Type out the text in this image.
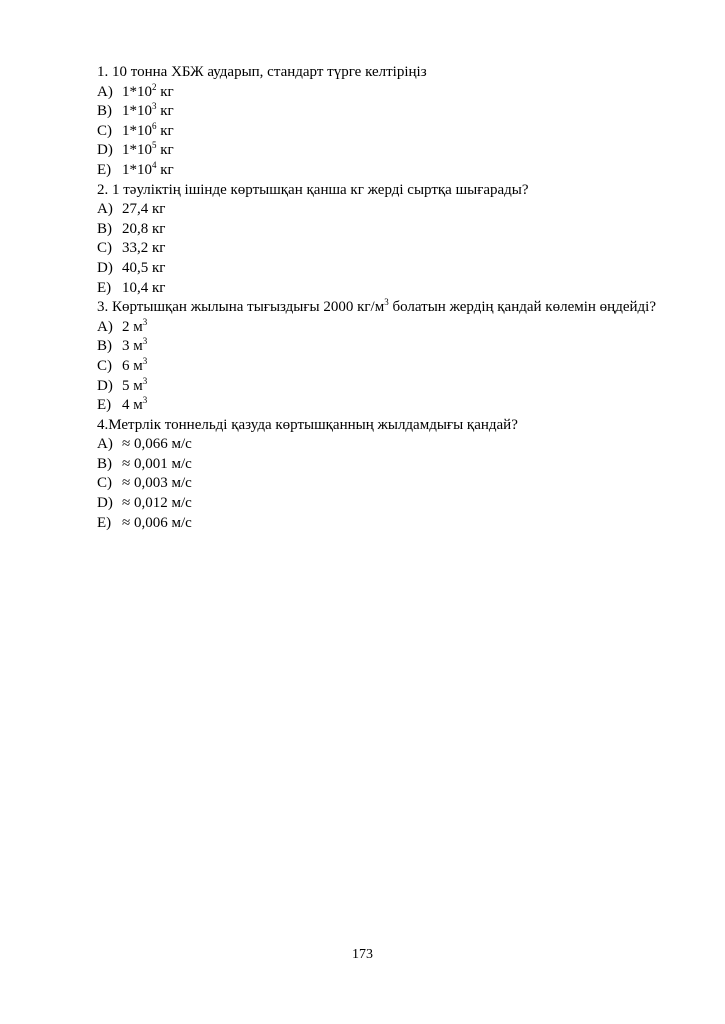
1. 10 тонна ХБЖ аударып, стандарт түрге келтіріңіз
A) $1*10^2$ кг
B) $1*10^3$ кг
C) $1*10^6$ кг
D) $1*10^5$ кг
E) $1*10^4$ кг
2. 1 тәуліктің ішінде көртышқан қанша кг жерді сыртқа шығарады?
A) 27,4 кг
B) 20,8 кг
C) 33,2 кг
D) 40,5 кг
E) 10,4 кг
3. Көртышқан жылына тығыздығы 2000 $кг/м^3$ болатын жердің қандай көлемін өңдейді?
A) 2 $м^3$
B) 3 $м^3$
C) 6 $м^3$
D) 5 $м^3$
E) 4 $м^3$
4.Метрлік тоннельді қазуда көртышқанның жылдамдығы қандай?
A) ≈ 0,066 м/с
B) ≈ 0,001 м/с
C) ≈ 0,003 м/с
D) ≈ 0,012 м/с
E) ≈ 0,006 м/с
173
